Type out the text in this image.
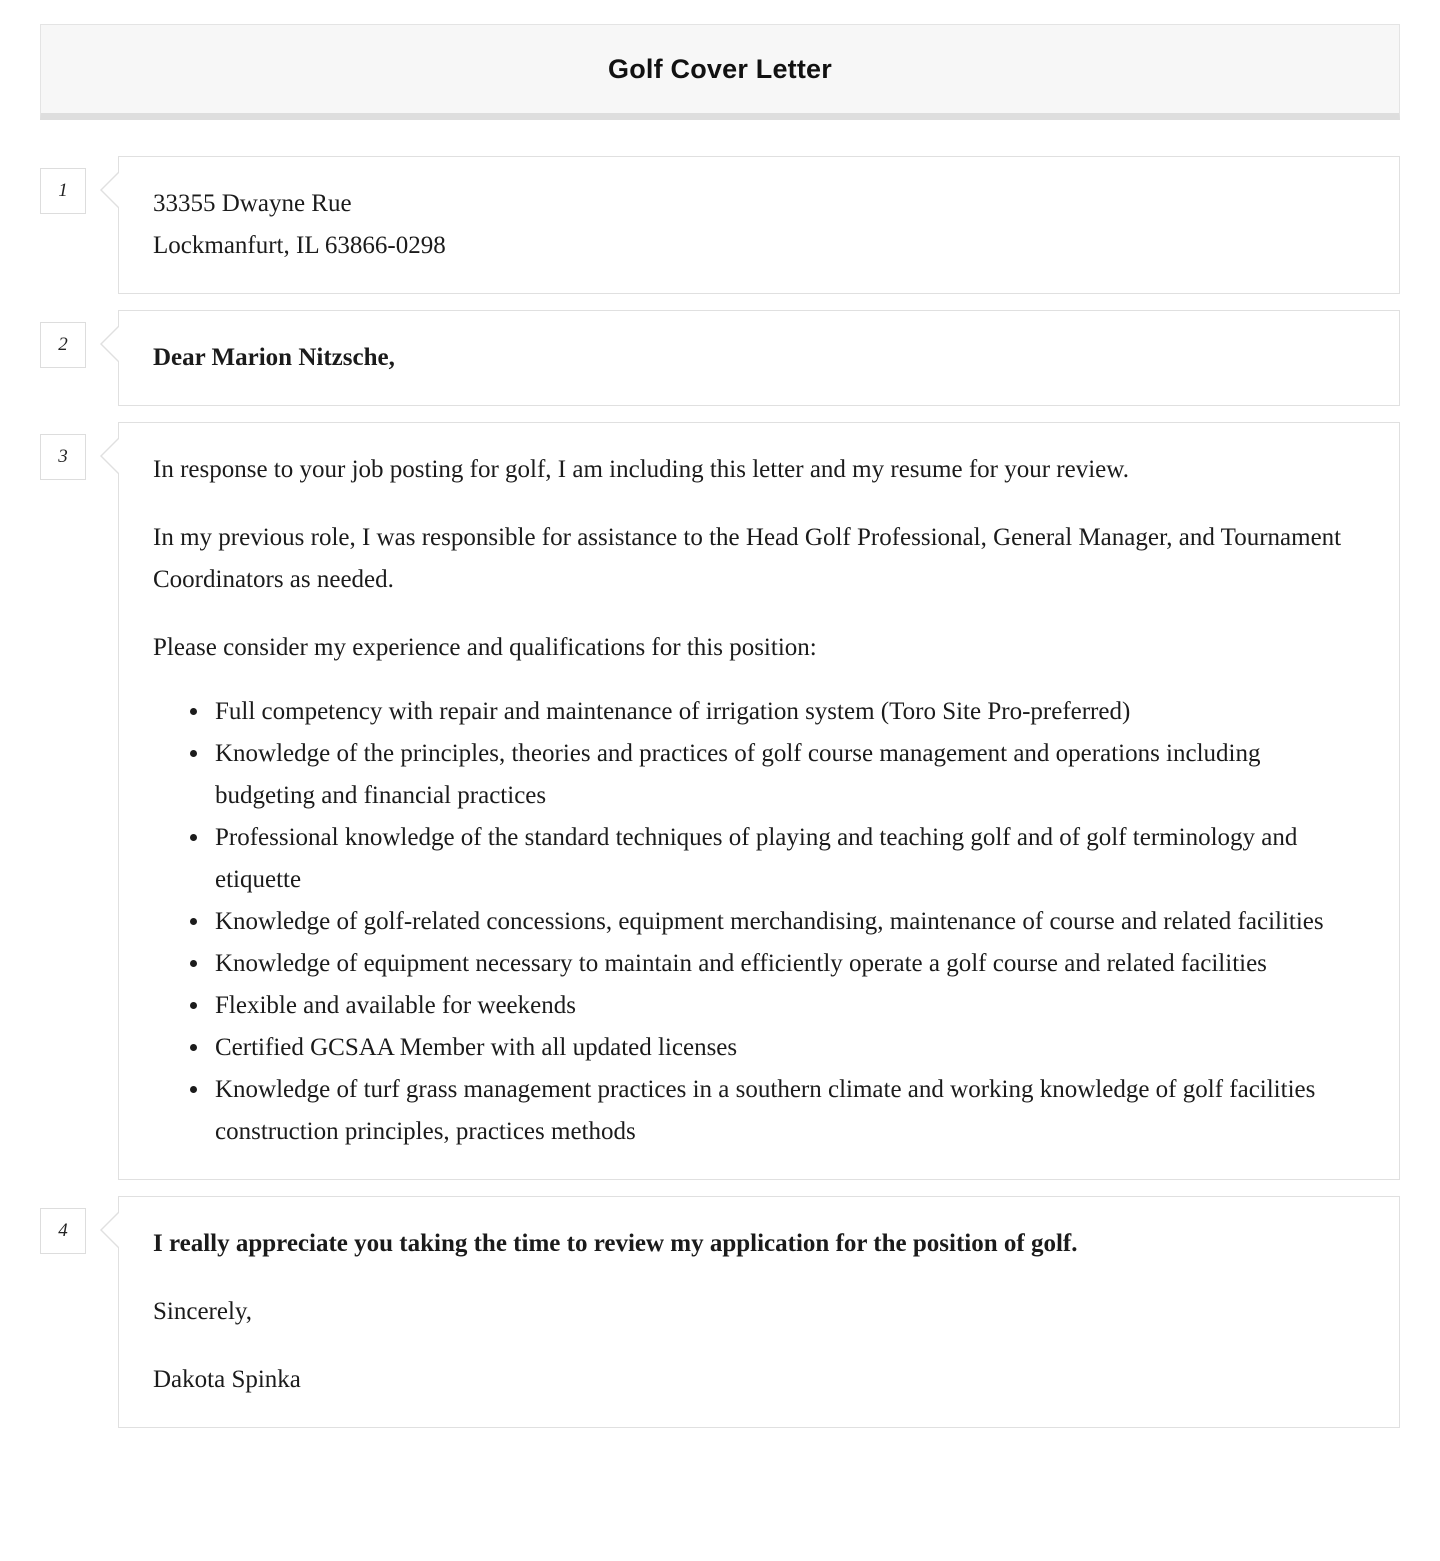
Golf Cover Letter
1	33355 Dwayne Rue
Lockmanfurt, IL 63866-0298

2	Dear Marion Nitzsche,

3	In response to your job posting for golf, I am including this letter and my resume for your review.

In my previous role, I was responsible for assistance to the Head Golf Professional, General Manager, and Tournament Coordinators as needed.

Please consider my experience and qualifications for this position:

• Full competency with repair and maintenance of irrigation system (Toro Site Pro-preferred)
• Knowledge of the principles, theories and practices of golf course management and operations including budgeting and financial practices
• Professional knowledge of the standard techniques of playing and teaching golf and of golf terminology and etiquette
• Knowledge of golf-related concessions, equipment merchandising, maintenance of course and related facilities
• Knowledge of equipment necessary to maintain and efficiently operate a golf course and related facilities
• Flexible and available for weekends
• Certified GCSAA Member with all updated licenses
• Knowledge of turf grass management practices in a southern climate and working knowledge of golf facilities construction principles, practices methods
4	I really appreciate you taking the time to review my application for the position of golf.

Sincerely,

Dakota Spinka
